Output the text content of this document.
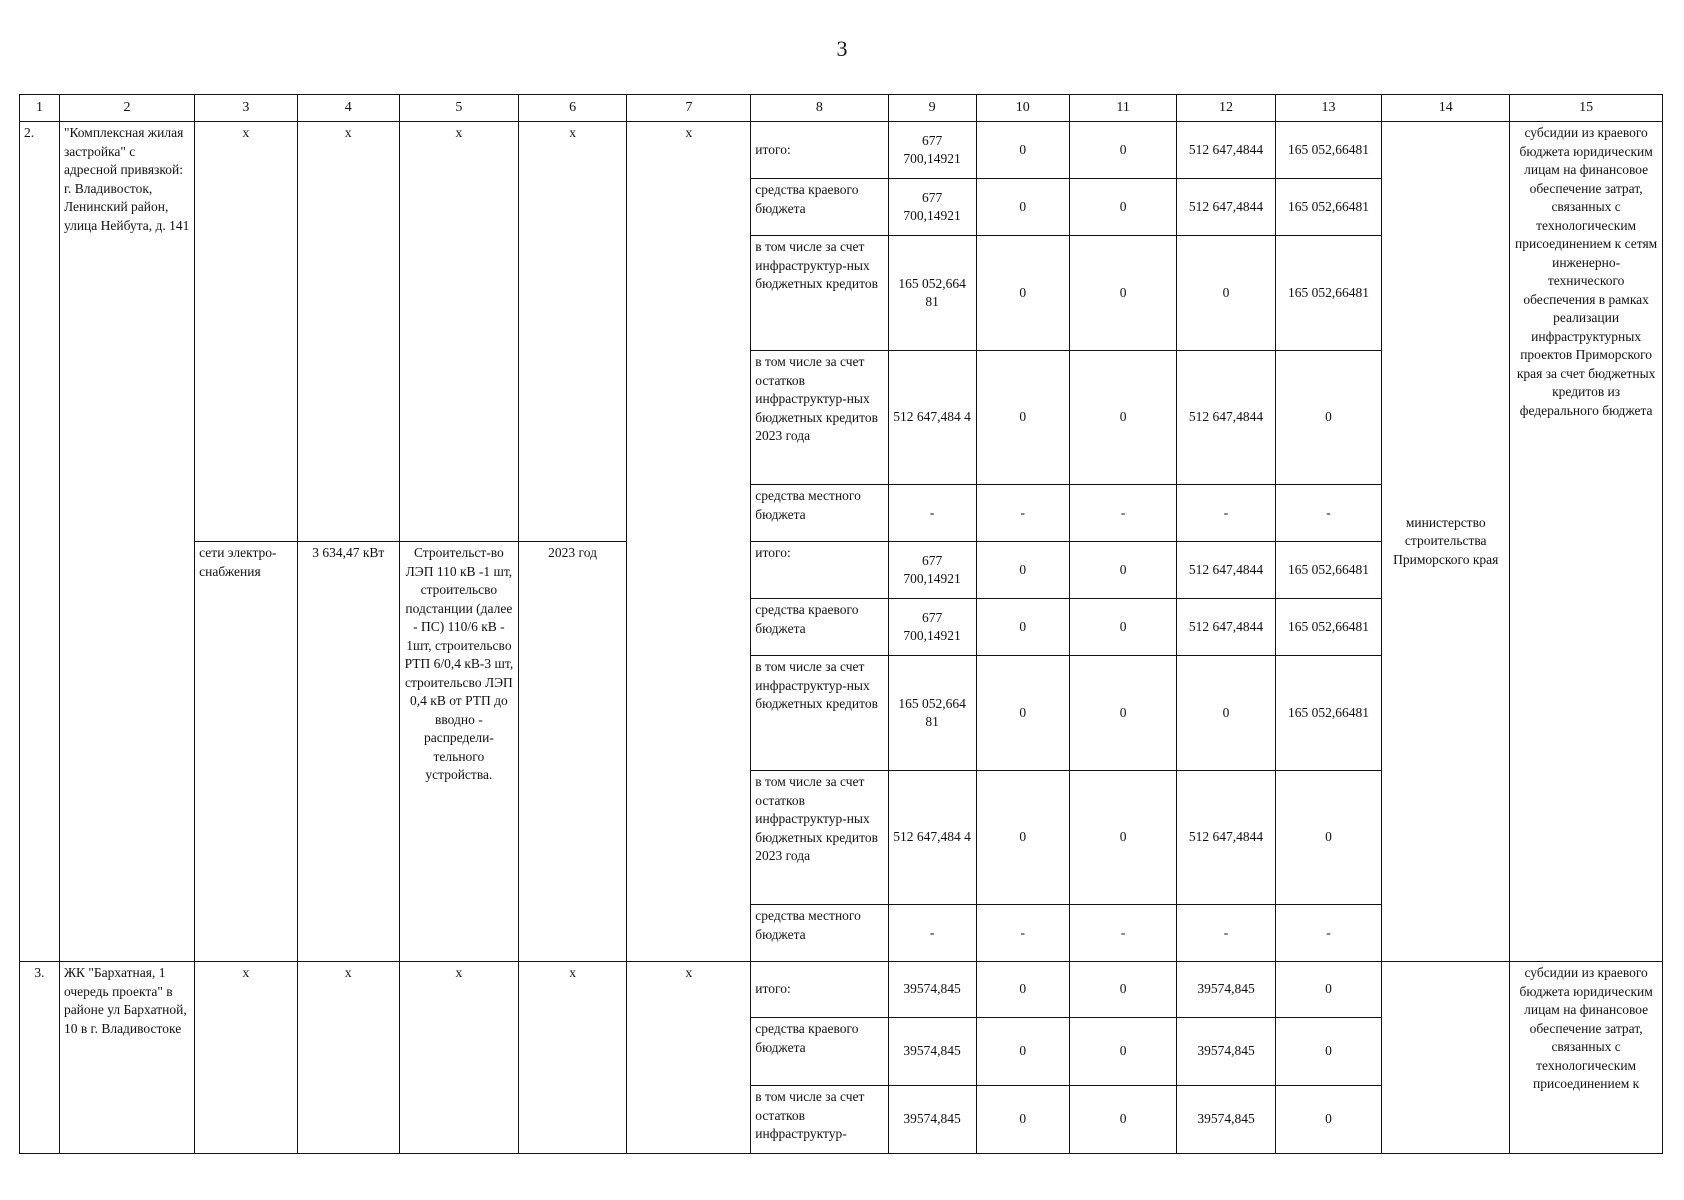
3
1	2	3	4	5	6	7	8	9	10	11	12	13	14	15
2.	"Комплексная жилая застройка" с адресной привязкой: г. Владивосток, Ленинский район, улица Нейбута, д. 141	х	х	х	х	х	итого:	677 700,14921	0	0	512 647,4844	165 052,66481	министерство строительства Приморского края	субсидии из краевого бюджета юридическим лицам на финансовое обеспечение затрат, связанных с технологическим присоединением к сетям инженерно-технического обеспечения в рамках реализации инфраструктурных проектов Приморского края за счет бюджетных кредитов из федерального бюджета
							средства краевого бюджета	677 700,14921	0	0	512 647,4844	165 052,66481		
							в том числе за счет инфраструктур-ных бюджетных кредитов	165 052,664 81	0	0	0	165 052,66481		
							в том числе за счет остатков инфраструктур-ных бюджетных кредитов 2023 года	512 647,484 4	0	0	512 647,4844	0		
							средства местного бюджета	-	-	-	-	-		
		сети электро-снабжения	3 634,47 кВт	Строительст-во ЛЭП 110 кВ -1 шт, строительсво подстанции (далее - ПС) 110/6 кВ - 1шт, строительсво РТП 6/0,4 кВ-3 шт, строительсво ЛЭП 0,4 кВ от РТП до вводно - распредели-тельного устройства.	2023 год		итого:	677 700,14921	0	0	512 647,4844	165 052,66481		
							средства краевого бюджета	677 700,14921	0	0	512 647,4844	165 052,66481		
							в том числе за счет инфраструктур-ных бюджетных кредитов	165 052,664 81	0	0	0	165 052,66481		
							в том числе за счет остатков инфраструктур-ных бюджетных кредитов 2023 года	512 647,484 4	0	0	512 647,4844	0		
							средства местного бюджета	-	-	-	-	-		
3.	ЖК "Бархатная, 1 очередь проекта" в районе ул Бархатной, 10 в г. Владивостоке	х	х	х	х	х	итого:	39574,845	0	0	39574,845	0		субсидии из краевого бюджета юридическим лицам на финансовое обеспечение затрат, связанных с технологическим присоединением к
							средства краевого бюджета	39574,845	0	0	39574,845	0		
							в том числе за счет остатков инфраструктур-	39574,845	0	0	39574,845	0		
